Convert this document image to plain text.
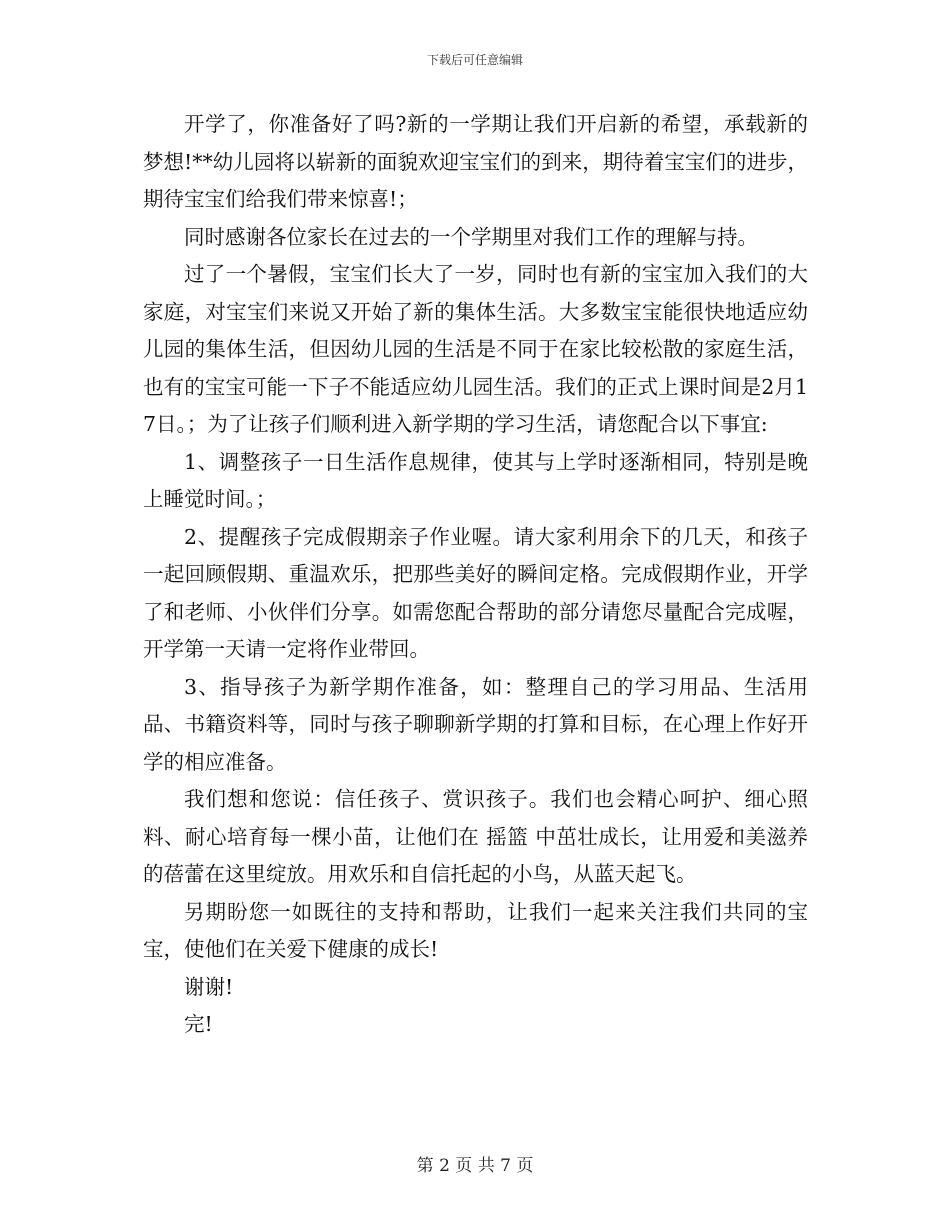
下载后可任意编辑

开学了，你准备好了吗?新的一学期让我们开启新的希望，承载新的梦想!**幼儿园将以崭新的面貌欢迎宝宝们的到来，期待着宝宝们的进步，期待宝宝们给我们带来惊喜!；

同时感谢各位家长在过去的一个学期里对我们工作的理解与持。

过了一个暑假，宝宝们长大了一岁，同时也有新的宝宝加入我们的大家庭，对宝宝们来说又开始了新的集体生活。大多数宝宝能很快地适应幼儿园的集体生活，但因幼儿园的生活是不同于在家比较松散的家庭生活，也有的宝宝可能一下子不能适应幼儿园生活。我们的正式上课时间是2月17日。；为了让孩子们顺利进入新学期的学习生活，请您配合以下事宜:

1、调整孩子一日生活作息规律，使其与上学时逐渐相同，特别是晚上睡觉时间。；

2、提醒孩子完成假期亲子作业喔。请大家利用余下的几天，和孩子一起回顾假期、重温欢乐，把那些美好的瞬间定格。完成假期作业，开学了和老师、小伙伴们分享。如需您配合帮助的部分请您尽量配合完成喔，开学第一天请一定将作业带回。

3、指导孩子为新学期作准备，如：整理自己的学习用品、生活用品、书籍资料等，同时与孩子聊聊新学期的打算和目标，在心理上作好开学的相应准备。

我们想和您说：信任孩子、赏识孩子。我们也会精心呵护、细心照料、耐心培育每一棵小苗，让他们在 摇篮 中茁壮成长，让用爱和美滋养的蓓蕾在这里绽放。用欢乐和自信托起的小鸟，从蓝天起飞。

另期盼您一如既往的支持和帮助，让我们一起来关注我们共同的宝宝，使他们在关爱下健康的成长!

谢谢!

完!

第 2 页 共 7 页
